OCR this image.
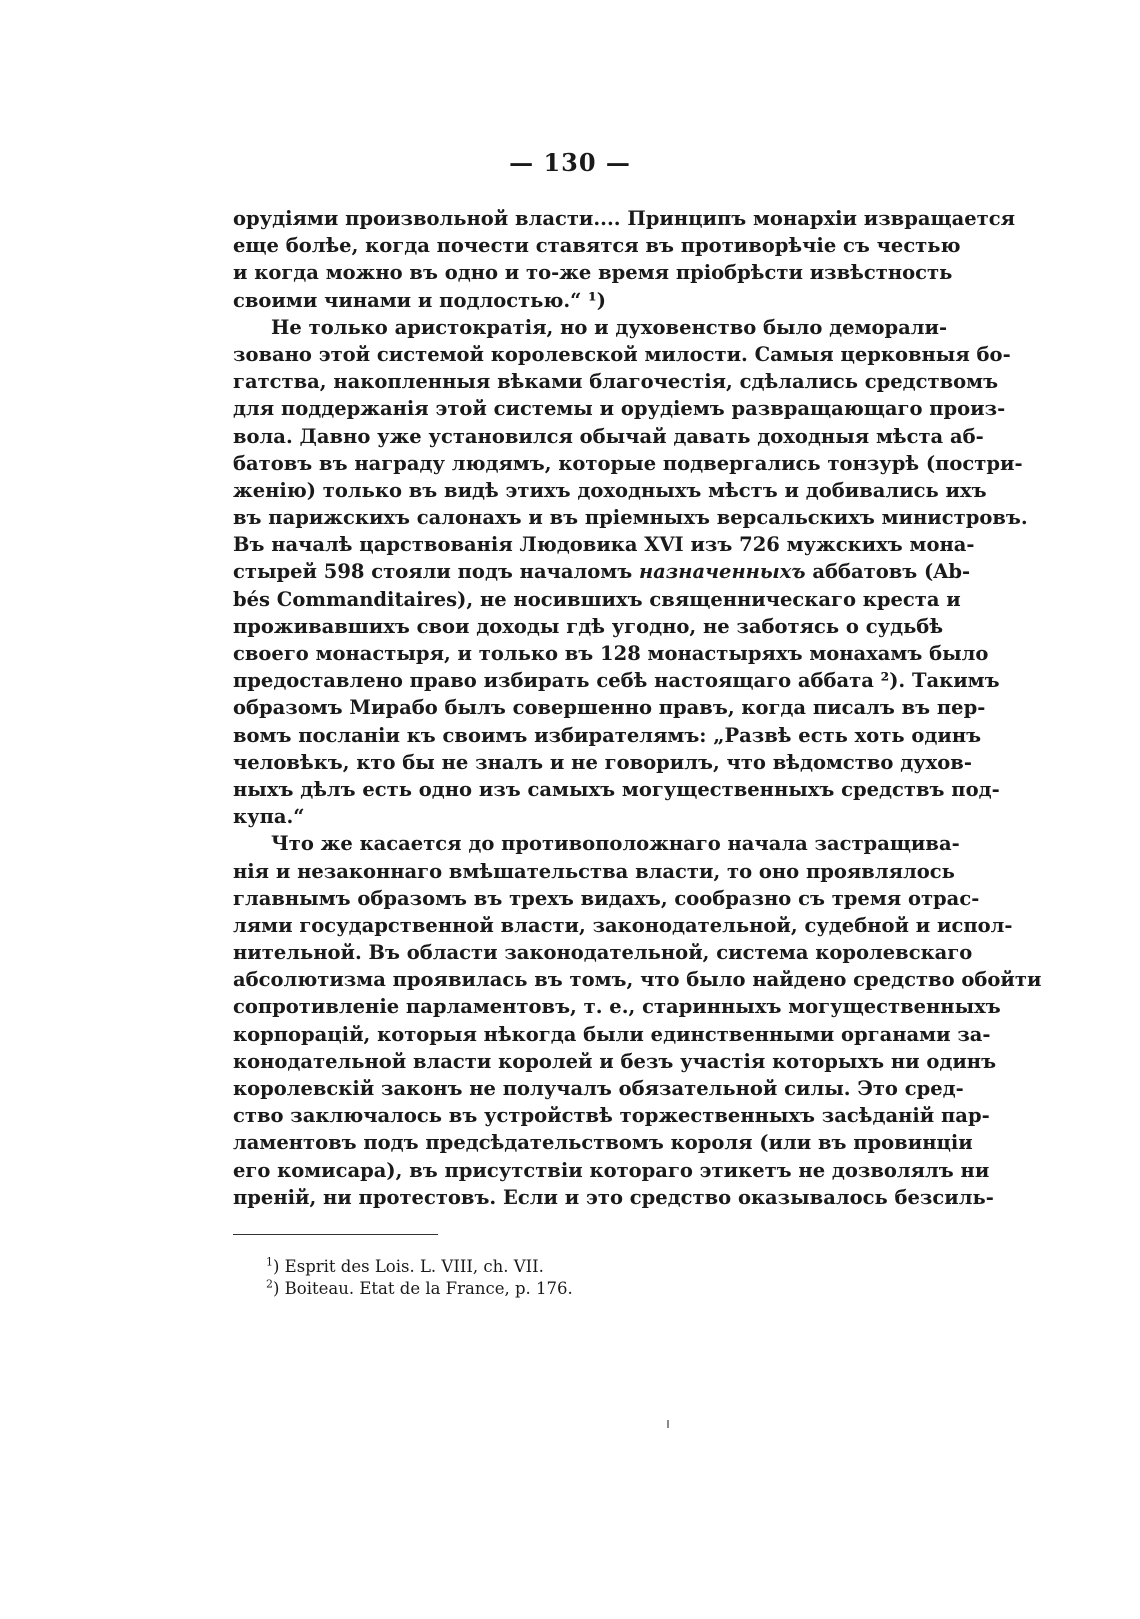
— 130 —
орудіями произвольной власти.... Принципъ монархіи извращается
еще болѣе, когда почести ставятся въ противорѣчіе съ честью
и когда можно въ одно и то-же время пріобрѣсти извѣстность
своими чинами и подлостью.“ ¹)
Не только аристократія, но и духовенство было деморали-
зовано этой системой королевской милости. Самыя церковныя бо-
гатства, накопленныя вѣками благочестія, сдѣлались средствомъ
для поддержанія этой системы и орудіемъ развращающаго произ-
вола. Давно уже установился обычай давать доходныя мѣста аб-
батовъ въ награду людямъ, которые подвергались тонзурѣ (постри-
женію) только въ видѣ этихъ доходныхъ мѣстъ и добивались ихъ
въ парижскихъ салонахъ и въ пріемныхъ версальскихъ министровъ.
Въ началѣ царствованія Людовика XVI изъ 726 мужскихъ мона-
стырей 598 стояли подъ началомъ назначенныхъ аббатовъ (Ab-
bés Commanditaires), не носившихъ священническаго креста и
проживавшихъ свои доходы гдѣ угодно, не заботясь о судьбѣ
своего монастыря, и только въ 128 монастыряхъ монахамъ было
предоставлено право избирать себѣ настоящаго аббата ²). Такимъ
образомъ Мирабо былъ совершенно правъ, когда писалъ въ пер-
вомъ посланіи къ своимъ избирателямъ: „Развѣ есть хоть одинъ
человѣкъ, кто бы не зналъ и не говорилъ, что вѣдомство духов-
ныхъ дѣлъ есть одно изъ самыхъ могущественныхъ средствъ под-
купа.“
Что же касается до противоположнаго начала застращива-
нія и незаконнаго вмѣшательства власти, то оно проявлялось
главнымъ образомъ въ трехъ видахъ, сообразно съ тремя отрас-
лями государственной власти, законодательной, судебной и испол-
нительной. Въ области законодательной, система королевскаго
абсолютизма проявилась въ томъ, что было найдено средство обойти
сопротивленіе парламентовъ, т. е., старинныхъ могущественныхъ
корпорацій, которыя нѣкогда были единственными органами за-
конодательной власти королей и безъ участія которыхъ ни одинъ
королевскій законъ не получалъ обязательной силы. Это сред-
ство заключалось въ устройствѣ торжественныхъ засѣданій пар-
ламентовъ подъ предсѣдательствомъ короля (или въ провинціи
его комисара), въ присутствіи котораго этикетъ не дозволялъ ни
преній, ни протестовъ. Если и это средство оказывалось безсиль-
$^1$) Esprit des Lois. L. VIII, ch. VII.
$^2$) Boiteau. Etat de la France, p. 176.
